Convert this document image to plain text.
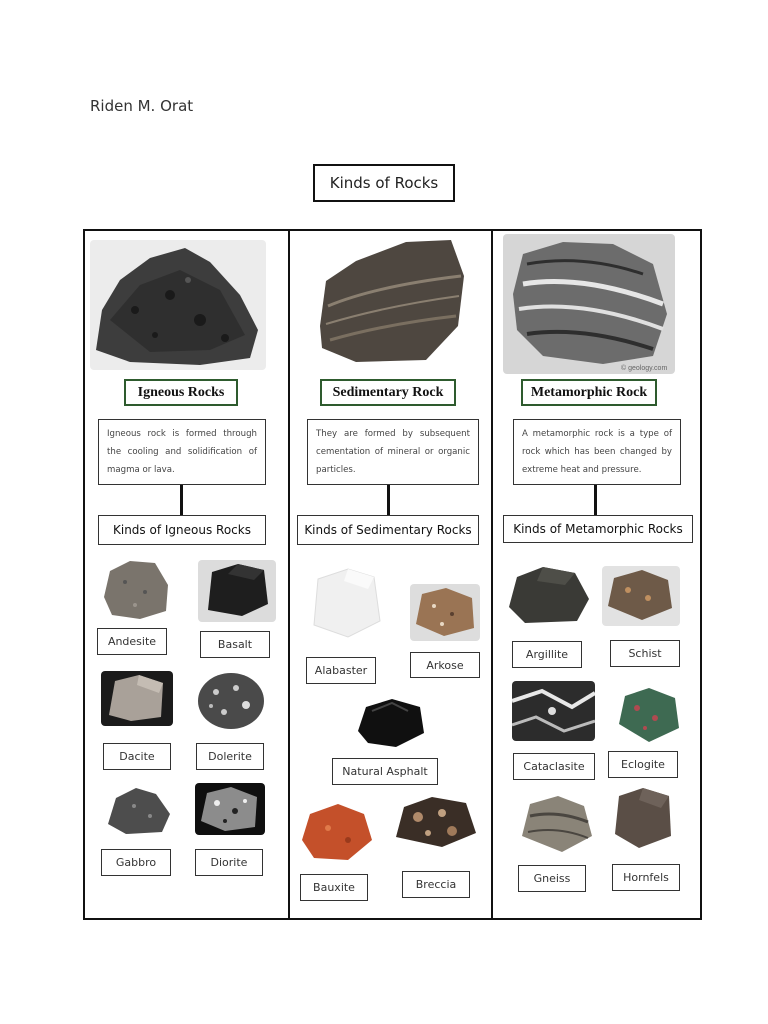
Riden M. Orat
Kinds of Rocks
Igneous Rocks
Igneous rock is formed through the cooling and solidification of magma or lava.
Kinds of Igneous Rocks
Andesite	Basalt
Dacite	Dolerite
Gabbro	Diorite
Sedimentary Rock
They are formed by subsequent cementation of mineral or organic particles.
Kinds of Sedimentary Rocks
Alabaster	Arkose
Natural Asphalt
Bauxite	Breccia
© geology.com
Metamorphic Rock
A metamorphic rock is a type of rock which has been changed by extreme heat and pressure.
Kinds of Metamorphic Rocks
Argillite	Schist
Cataclasite	Eclogite
Gneiss	Hornfels
